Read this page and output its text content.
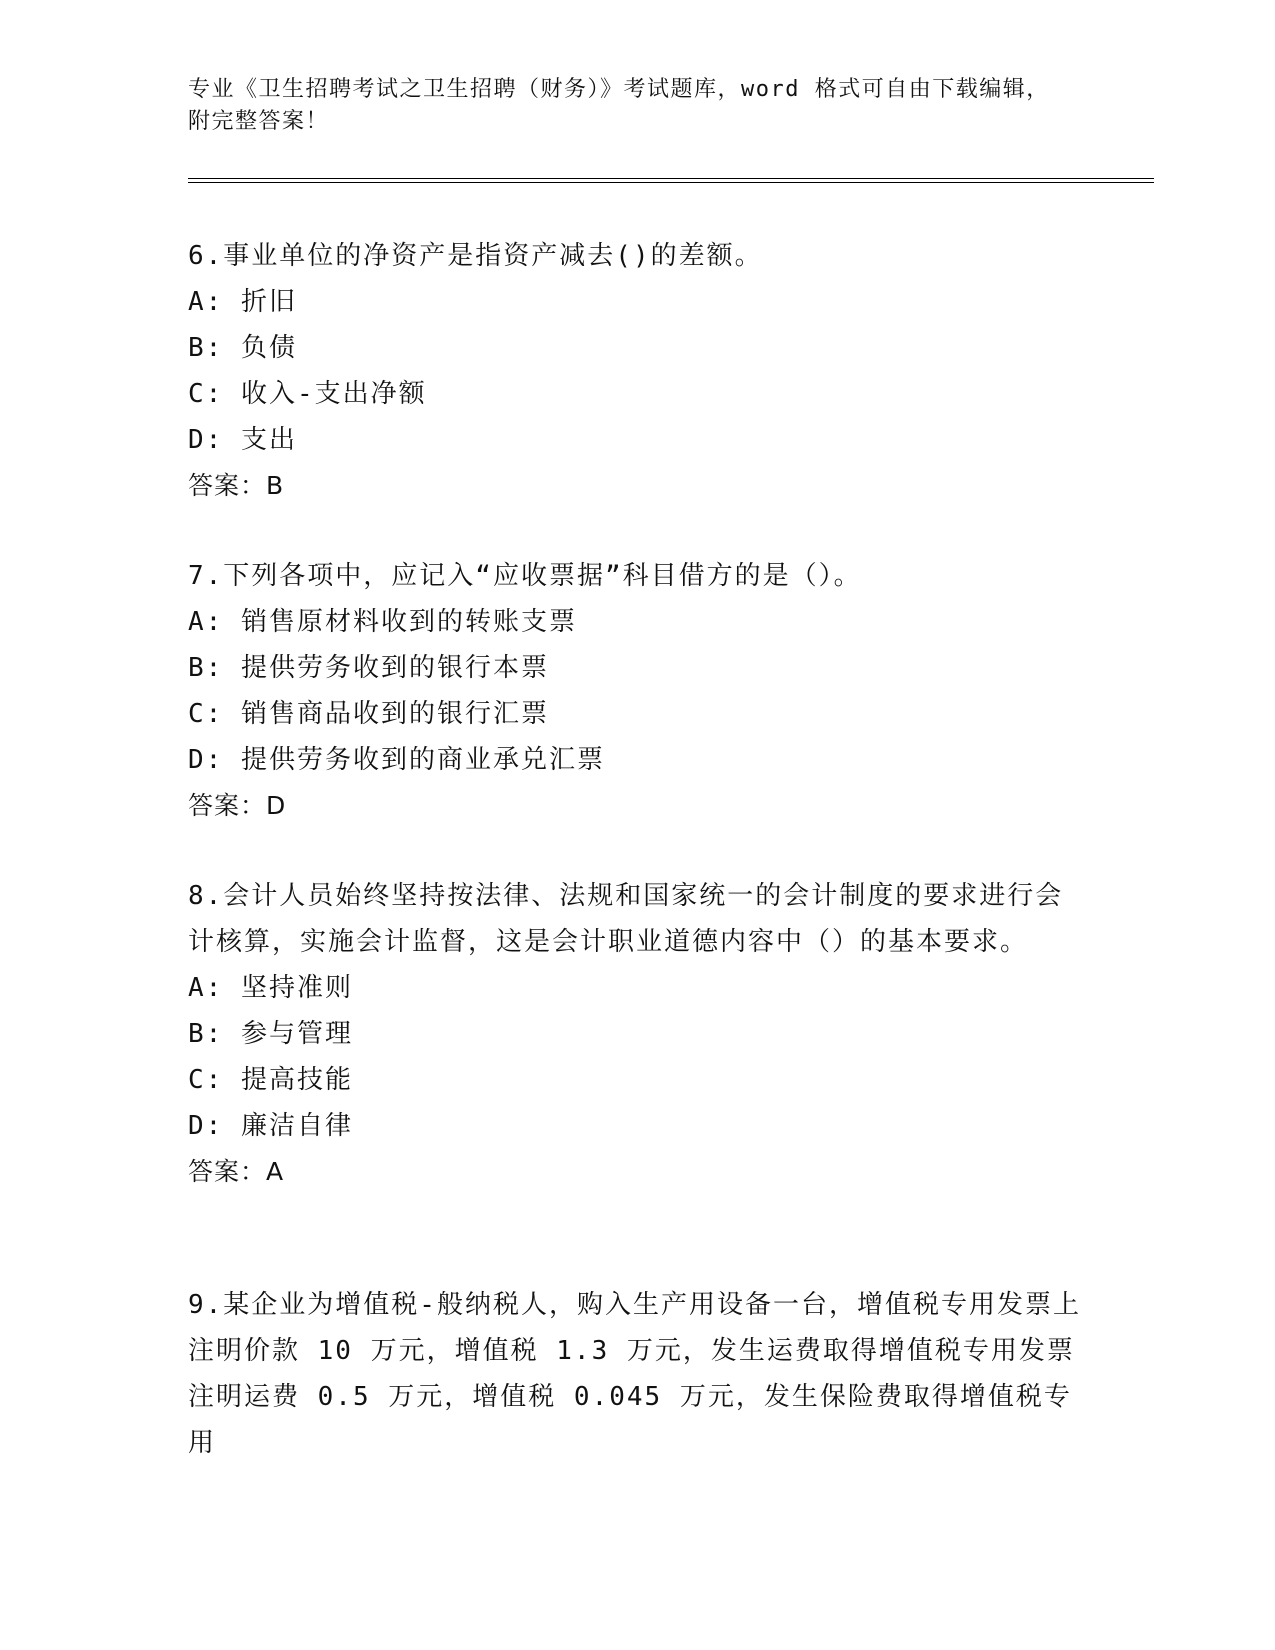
专业《卫生招聘考试之卫生招聘（财务）》考试题库，word 格式可自由下载编辑，附完整答案！
6.事业单位的净资产是指资产减去()的差额。
A: 折旧
B: 负债
C: 收入-支出净额
D: 支出
答案：B
7.下列各项中，应记入“应收票据”科目借方的是（）。
A: 销售原材料收到的转账支票
B: 提供劳务收到的银行本票
C: 销售商品收到的银行汇票
D: 提供劳务收到的商业承兑汇票
答案：D
8.会计人员始终坚持按法律、法规和国家统一的会计制度的要求进行会计核算，实施会计监督，这是会计职业道德内容中（）的基本要求。
A: 坚持准则
B: 参与管理
C: 提高技能
D: 廉洁自律
答案：A
9.某企业为增值税-般纳税人，购入生产用设备一台，增值税专用发票上注明价款 10 万元，增值税 1.3 万元，发生运费取得增值税专用发票注明运费 0.5 万元，增值税 0.045 万元，发生保险费取得增值税专用
